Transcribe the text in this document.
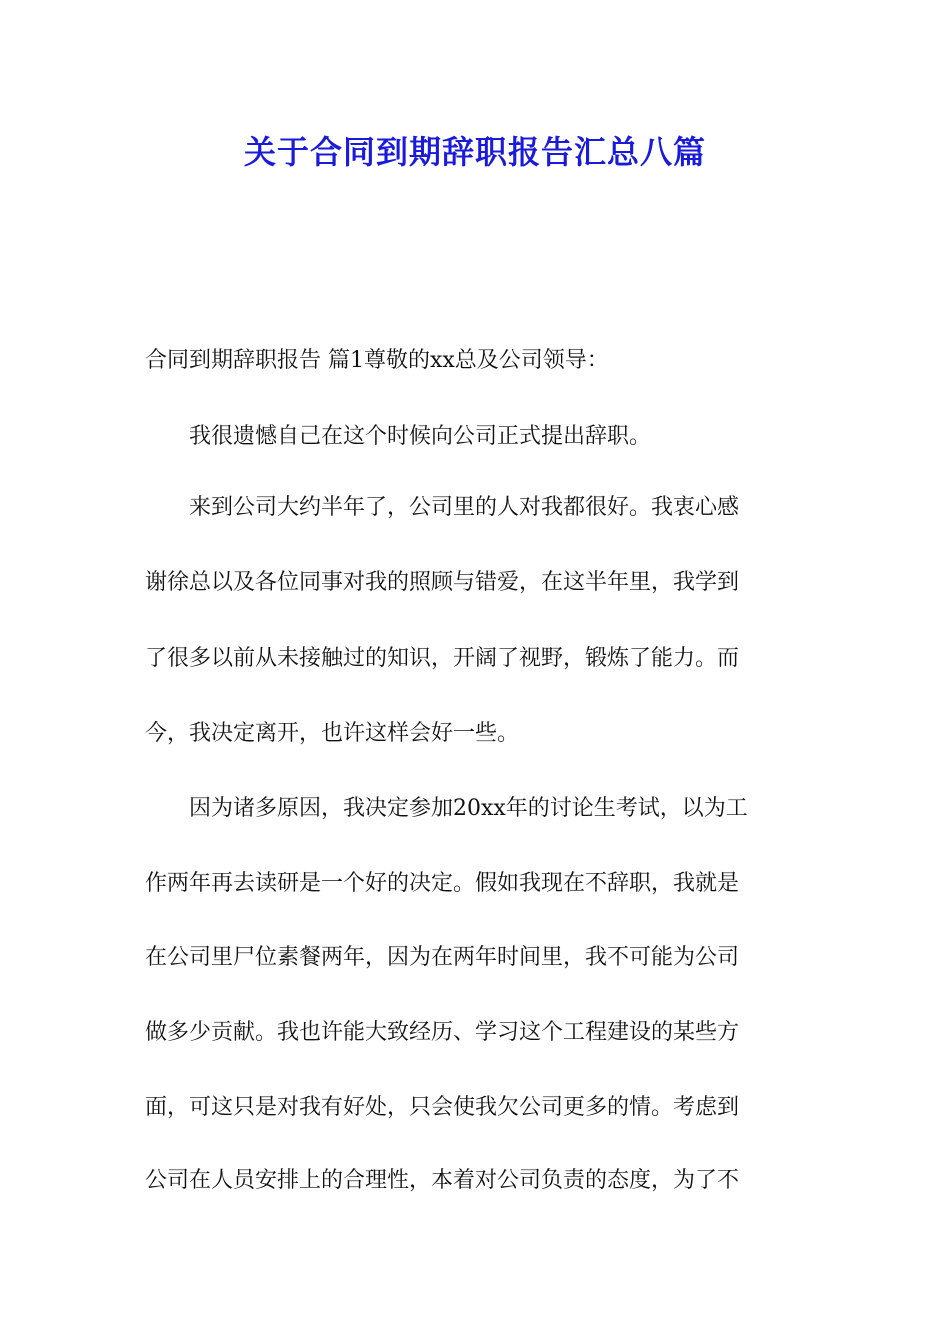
关于合同到期辞职报告汇总八篇
合同到期辞职报告 篇1尊敬的xx总及公司领导：
　　我很遗憾自己在这个时候向公司正式提出辞职。
　　来到公司大约半年了，公司里的人对我都很好。我衷心感
谢徐总以及各位同事对我的照顾与错爱，在这半年里，我学到
了很多以前从未接触过的知识，开阔了视野，锻炼了能力。而
今，我决定离开，也许这样会好一些。
　　因为诸多原因，我决定参加20xx年的讨论生考试，以为工
作两年再去读研是一个好的决定。假如我现在不辞职，我就是
在公司里尸位素餐两年，因为在两年时间里，我不可能为公司
做多少贡献。我也许能大致经历、学习这个工程建设的某些方
面，可这只是对我有好处，只会使我欠公司更多的情。考虑到
公司在人员安排上的合理性，本着对公司负责的态度，为了不
